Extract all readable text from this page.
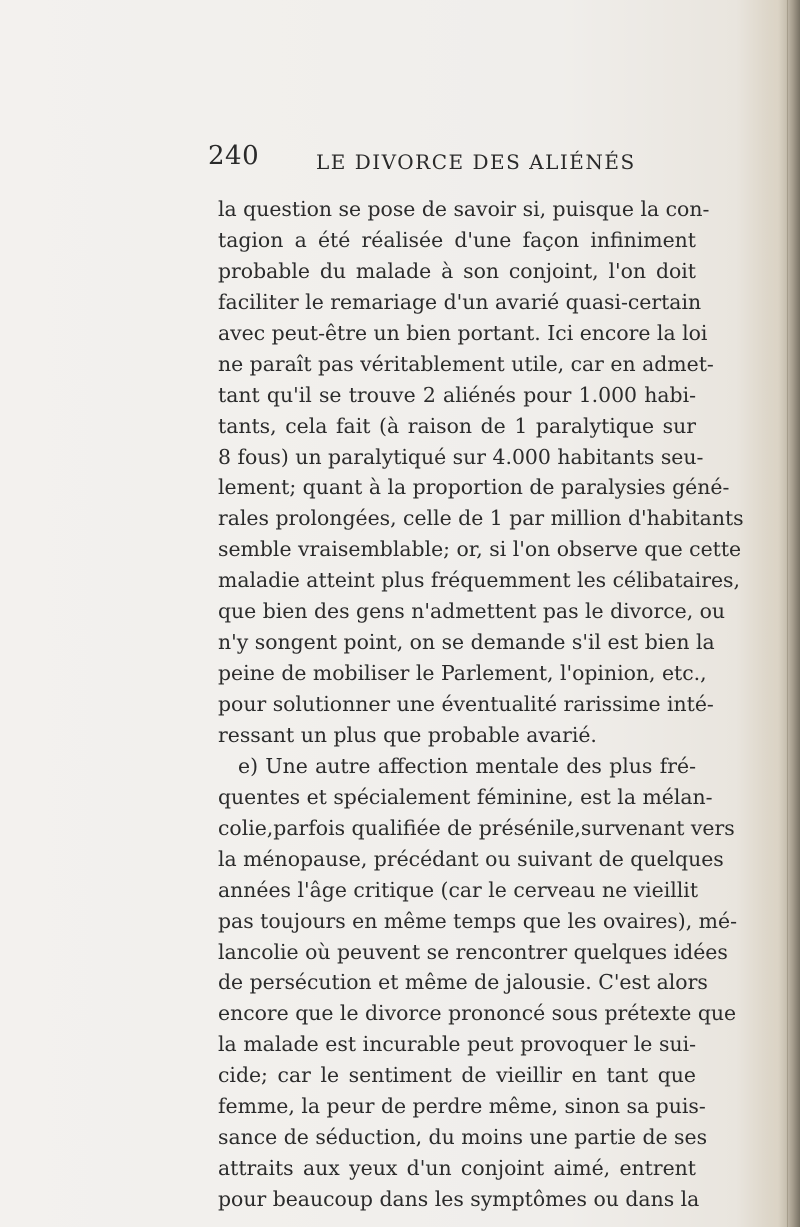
240	LE DIVORCE DES ALIÉNÉS
la question se pose de savoir si, puisque la con-
tagion a été réalisée d'une façon infiniment
probable du malade à son conjoint, l'on doit
faciliter le remariage d'un avarié quasi-certain
avec peut-être un bien portant. Ici encore la loi
ne paraît pas véritablement utile, car en admet-
tant qu'il se trouve 2 aliénés pour 1.000 habi-
tants, cela fait (à raison de 1 paralytique sur
8 fous) un paralytiqué sur 4.000 habitants seu-
lement; quant à la proportion de paralysies géné-
rales prolongées, celle de 1 par million d'habitants
semble vraisemblable; or, si l'on observe que cette
maladie atteint plus fréquemment les célibataires,
que bien des gens n'admettent pas le divorce, ou
n'y songent point, on se demande s'il est bien la
peine de mobiliser le Parlement, l'opinion, etc.,
pour solutionner une éventualité rarissime inté-
ressant un plus que probable avarié.
e) Une autre affection mentale des plus fré-
quentes et spécialement féminine, est la mélan-
colie,parfois qualifiée de présénile,survenant vers
la ménopause, précédant ou suivant de quelques
années l'âge critique (car le cerveau ne vieillit
pas toujours en même temps que les ovaires), mé-
lancolie où peuvent se rencontrer quelques idées
de persécution et même de jalousie. C'est alors
encore que le divorce prononcé sous prétexte que
la malade est incurable peut provoquer le sui-
cide; car le sentiment de vieillir en tant que
femme, la peur de perdre même, sinon sa puis-
sance de séduction, du moins une partie de ses
attraits aux yeux d'un conjoint aimé, entrent
pour beaucoup dans les symptômes ou dans la
